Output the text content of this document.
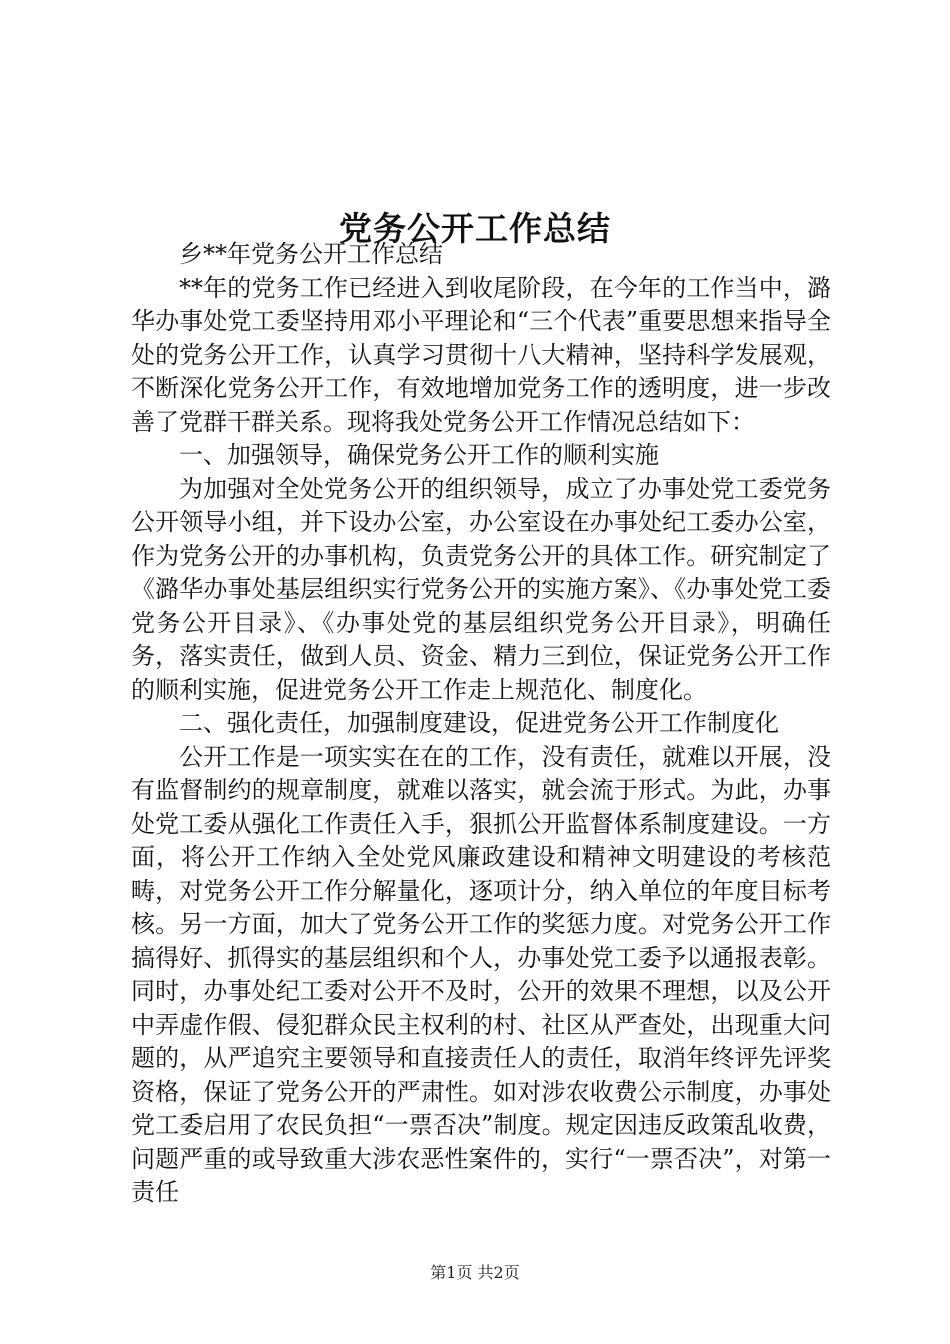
党务公开工作总结

乡**年党务公开工作总结

**年的党务工作已经进入到收尾阶段，在今年的工作当中，潞华办事处党工委坚持用邓小平理论和“三个代表”重要思想来指导全处的党务公开工作，认真学习贯彻十八大精神，坚持科学发展观，不断深化党务公开工作，有效地增加党务工作的透明度，进一步改善了党群干群关系。现将我处党务公开工作情况总结如下：

一、加强领导，确保党务公开工作的顺利实施

为加强对全处党务公开的组织领导，成立了办事处党工委党务公开领导小组，并下设办公室，办公室设在办事处纪工委办公室，作为党务公开的办事机构，负责党务公开的具体工作。研究制定了《潞华办事处基层组织实行党务公开的实施方案》、《办事处党工委党务公开目录》、《办事处党的基层组织党务公开目录》，明确任务，落实责任，做到人员、资金、精力三到位，保证党务公开工作的顺利实施，促进党务公开工作走上规范化、制度化。

二、强化责任，加强制度建设，促进党务公开工作制度化

公开工作是一项实实在在的工作，没有责任，就难以开展，没有监督制约的规章制度，就难以落实，就会流于形式。为此，办事处党工委从强化工作责任入手，狠抓公开监督体系制度建设。一方面，将公开工作纳入全处党风廉政建设和精神文明建设的考核范畴，对党务公开工作分解量化，逐项计分，纳入单位的年度目标考核。另一方面，加大了党务公开工作的奖惩力度。对党务公开工作搞得好、抓得实的基层组织和个人，办事处党工委予以通报表彰。同时，办事处纪工委对公开不及时，公开的效果不理想，以及公开中弄虚作假、侵犯群众民主权利的村、社区从严查处，出现重大问题的，从严追究主要领导和直接责任人的责任，取消年终评先评奖资格，保证了党务公开的严肃性。如对涉农收费公示制度，办事处党工委启用了农民负担“一票否决”制度。规定因违反政策乱收费，问题严重的或导致重大涉农恶性案件的，实行“一票否决”，对第一责任

第1页 共2页
